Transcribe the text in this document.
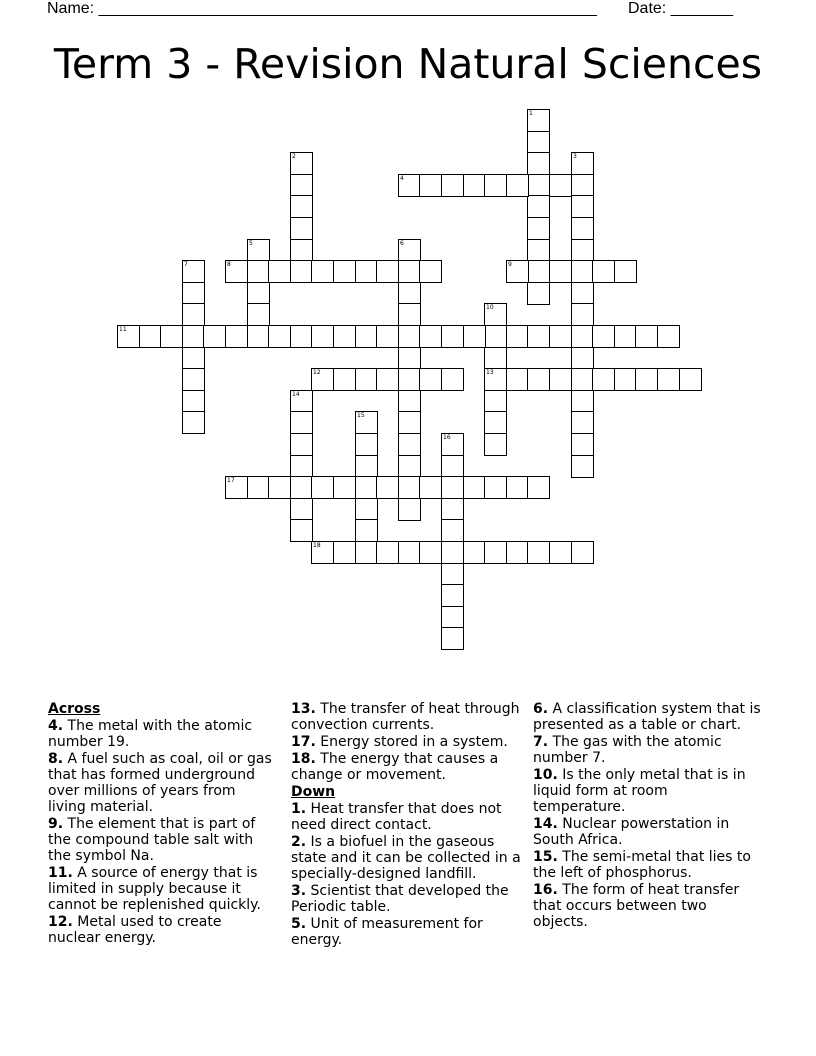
Name: ________________________________________________________ Date: _______
Term 3 - Revision Natural Sciences
1
2	3
4
5	6
7	8	9
10
13
11
12
14
15
16
17
18
Across
4. The metal with the atomic number 19.
8. A fuel such as coal, oil or gas that has formed underground over millions of years from living material.
9. The element that is part of the compound table salt with the symbol Na.
11. A source of energy that is limited in supply because it cannot be replenished quickly.
12. Metal used to create nuclear energy.
13. The transfer of heat through convection currents.
17. Energy stored in a system.
18. The energy that causes a change or movement.
Down
1. Heat transfer that does not need direct contact.
2. Is a biofuel in the gaseous state and it can be collected in a specially-designed landfill.
3. Scientist that developed the Periodic table.
5. Unit of measurement for energy.
6. A classification system that is presented as a table or chart.
7. The gas with the atomic number 7.
10. Is the only metal that is in liquid form at room temperature.
14. Nuclear powerstation in South Africa.
15. The semi-metal that lies to the left of phosphorus.
16. The form of heat transfer that occurs between two objects.
